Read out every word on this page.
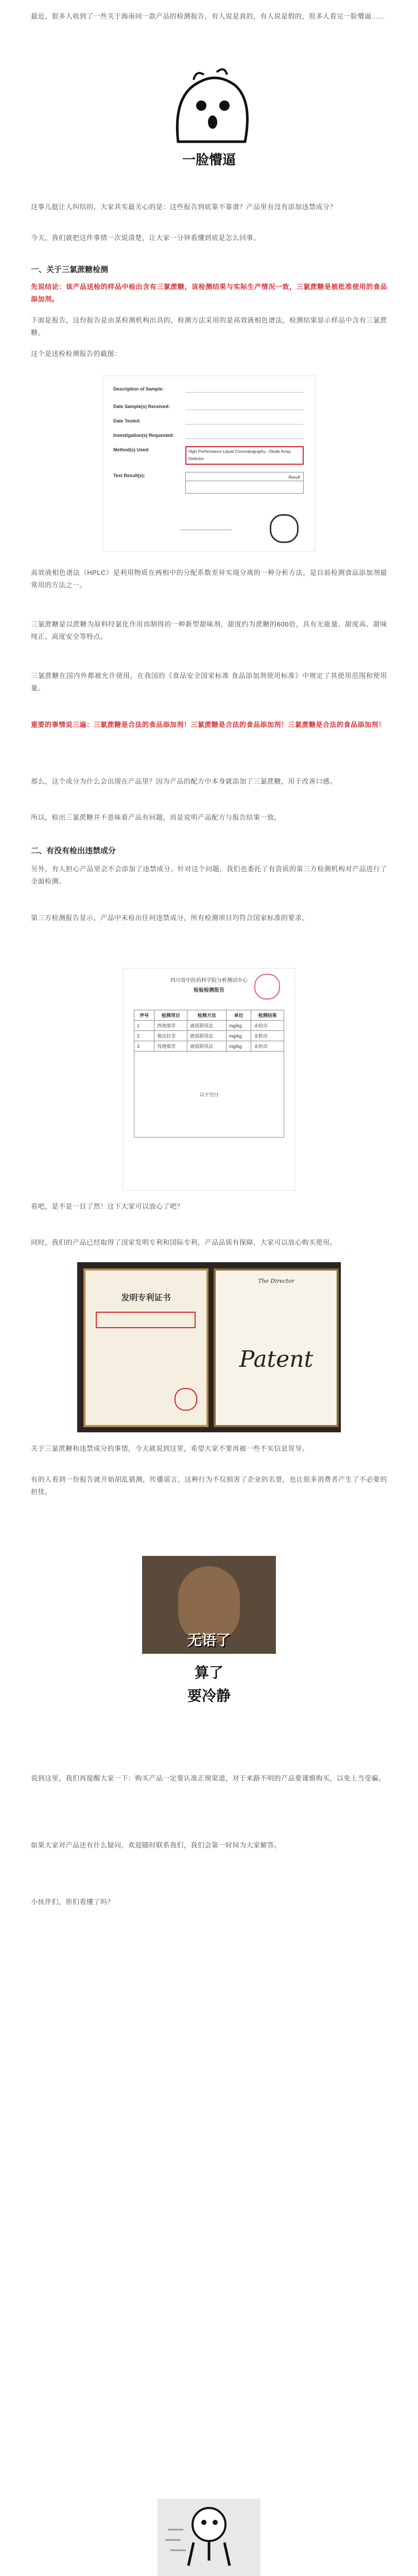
最近，很多人收到了一些关于海南同一款产品的检测报告，有人说是真的，有人说是假的，很多人看完一脸懵逼……
一脸懵逼
这事儿挺让人纠结的，大家其实最关心的是：这些报告到底靠不靠谱？产品里有没有添加违禁成分？
今天，我们就把这件事情一次说清楚，让大家一分钟看懂到底是怎么回事。
一、关于三氯蔗糖检测
先说结论：该产品送检的样品中检出含有三氯蔗糖，该检测结果与实际生产情况一致，三氯蔗糖是被批准使用的食品添加剂。
下面是报告，这份报告是由某检测机构出具的，检测方法采用的是高效液相色谱法，检测结果显示样品中含有三氯蔗糖。
这个是送检检测报告的截图：
Description of Sample:
Date Sample(s) Received:
Date Tested:
Investigation(s) Requested:
Method(s) Used:	High Performance Liquid Chromatography - Diode Array Detector
Test Result(s):	Result
高效液相色谱法（HPLC）是利用物质在两相中的分配系数差异实现分离的一种分析方法，是目前检测食品添加剂最常用的方法之一。
三氯蔗糖是以蔗糖为原料经氯化作用而制得的一种新型甜味剂，甜度约为蔗糖的600倍，具有无能量、甜度高、甜味纯正、高度安全等特点。
三氯蔗糖在国内外都被允许使用，在我国的《食品安全国家标准 食品添加剂使用标准》中规定了其使用范围和使用量。
重要的事情说三遍：三氯蔗糖是合法的食品添加剂！三氯蔗糖是合法的食品添加剂！三氯蔗糖是合法的食品添加剂！
那么，这个成分为什么会出现在产品里？因为产品的配方中本身就添加了三氯蔗糖，用于改善口感。
所以，检出三氯蔗糖并不意味着产品有问题，而是说明产品配方与报告结果一致。
二、有没有检出违禁成分
另外，有人担心产品里会不会添加了违禁成分。针对这个问题，我们也委托了有资质的第三方检测机构对产品进行了全面检测。
第三方检测报告显示，产品中未检出任何违禁成分，所有检测项目均符合国家标准的要求。
四川省中医药科学院分析测试中心
检验检测报告
序号	检测项目	检测方法	单位	检测结果
1	西地那非	液质联用法	mg/kg	未检出
2	他达拉非	液质联用法	mg/kg	未检出
3	伐地那非	液质联用法	mg/kg	未检出
以下空白				
看吧，是不是一目了然！这下大家可以放心了吧？
同时，我们的产品已经取得了国家发明专利和国际专利，产品品质有保障，大家可以放心购买使用。
发明专利证书
The Director
Patent
关于三氯蔗糖和违禁成分的事情，今天就说到这里，希望大家不要再被一些不实信息误导。
有的人看到一份报告就开始胡乱猜测，传播谣言，这种行为不仅损害了企业的名誉，也让很多消费者产生了不必要的担忧。
无语了
算了
要冷静
说到这里，我们再提醒大家一下：购买产品一定要认准正规渠道，对于来路不明的产品要谨慎购买，以免上当受骗。
如果大家对产品还有什么疑问，欢迎随时联系我们，我们会第一时间为大家解答。
小伙伴们，你们看懂了吗？
